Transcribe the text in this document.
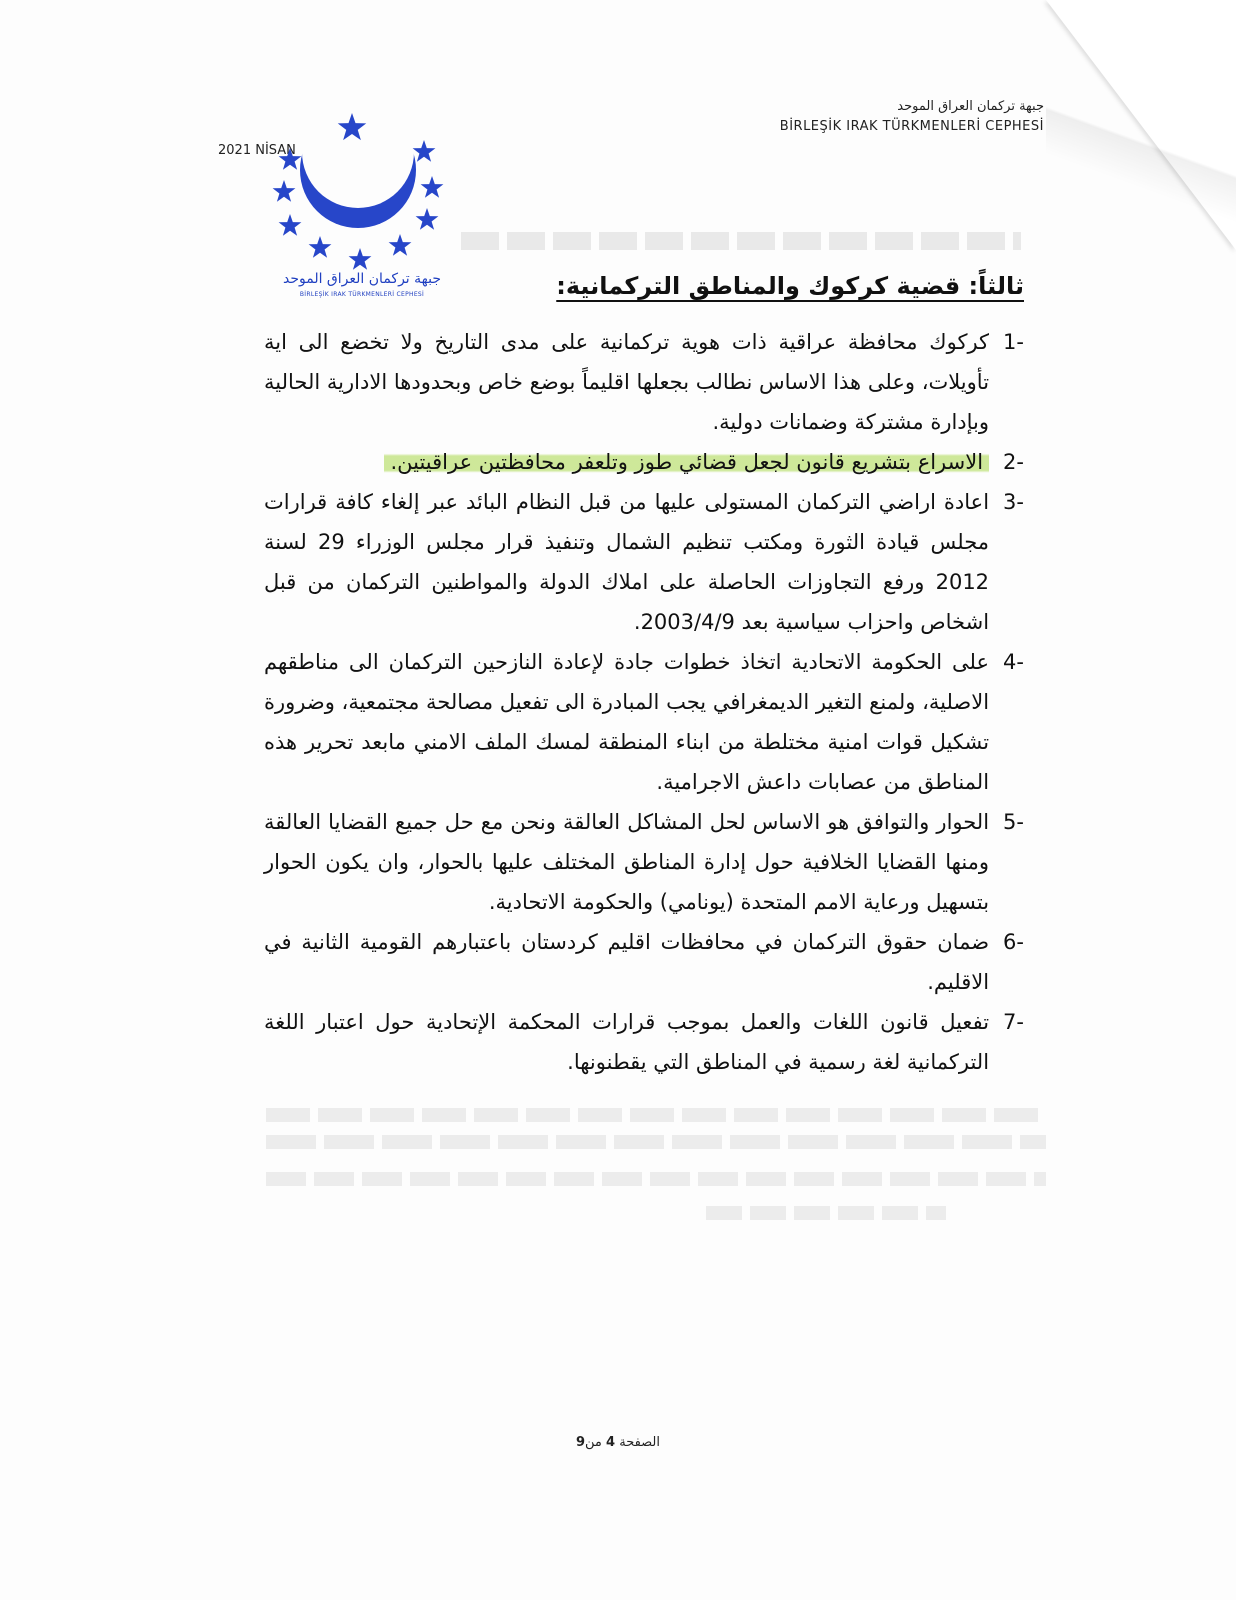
جبهة تركمان العراق الموحد
BİRLEŞİK IRAK TÜRKMENLERİ CEPHESİ
2021 NİSAN
جبهة تركمان العراق الموحد
BİRLEŞİK IRAK TÜRKMENLERİ CEPHESİ	ثالثاً: قضية كركوك والمناطق التركمانية:
-1
كركوك محافظة عراقية ذات هوية تركمانية على مدى التاريخ ولا تخضع الى اية تأويلات، وعلى هذا الاساس نطالب بجعلها اقليماً بوضع خاص وبحدودها الادارية الحالية وبإدارة مشتركة وضمانات دولية.
-2
الاسراع بتشريع قانون لجعل قضائي طوز وتلعفر محافظتين عراقيتين.
-3
اعادة اراضي التركمان المستولى عليها من قبل النظام البائد عبر إلغاء كافة قرارات مجلس قيادة الثورة ومكتب تنظيم الشمال وتنفيذ قرار مجلس الوزراء 29 لسنة 2012 ورفع التجاوزات الحاصلة على املاك الدولة والمواطنين التركمان من قبل اشخاص واحزاب سياسية بعد 2003/4/9.
-4
على الحكومة الاتحادية اتخاذ خطوات جادة لإعادة النازحين التركمان الى مناطقهم الاصلية، ولمنع التغير الديمغرافي يجب المبادرة الى تفعيل مصالحة مجتمعية، وضرورة تشكيل قوات امنية مختلطة من ابناء المنطقة لمسك الملف الامني مابعد تحرير هذه المناطق من عصابات داعش الاجرامية.
-5
الحوار والتوافق هو الاساس لحل المشاكل العالقة ونحن مع حل جميع القضايا العالقة ومنها القضايا الخلافية حول إدارة المناطق المختلف عليها بالحوار، وان يكون الحوار بتسهيل ورعاية الامم المتحدة (يونامي) والحكومة الاتحادية.
-6
ضمان حقوق التركمان في محافظات اقليم كردستان باعتبارهم القومية الثانية في الاقليم.
-7
تفعيل قانون اللغات والعمل بموجب قرارات المحكمة الإتحادية حول اعتبار اللغة التركمانية لغة رسمية في المناطق التي يقطنونها.
الصفحة 4 من9
